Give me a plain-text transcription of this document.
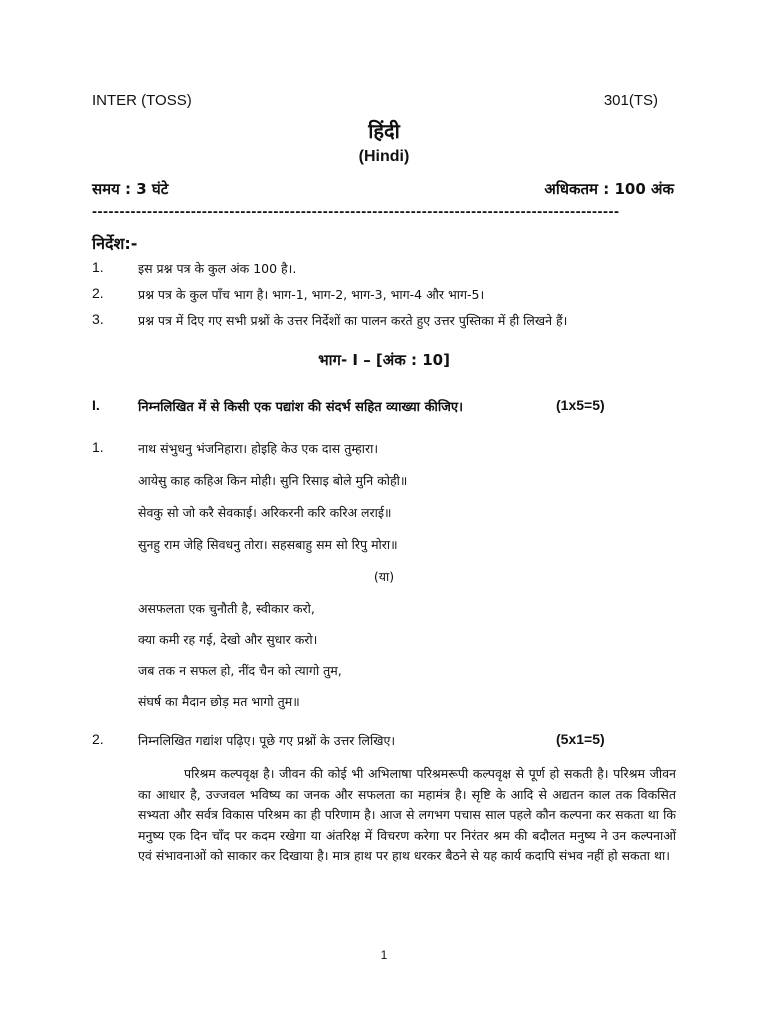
INTER (TOSS)	301(TS)
हिंदी
(Hindi)
समय : 3 घंटे	अधिकतम : 100 अंक
------------------------------------------------------------------------------------------------
निर्देश:-
1.	इस प्रश्न पत्र के कुल अंक 100 है।.
2.	प्रश्न पत्र के कुल पाँच भाग है। भाग-1, भाग-2, भाग-3, भाग-4 और भाग-5।
3.	प्रश्न पत्र में दिए गए सभी प्रश्नों के उत्तर निर्देशों का पालन करते हुए उत्तर पुस्तिका में ही लिखने हैं।
भाग- I – [अंक : 10]
I.	निम्नलिखित में से किसी एक पद्यांश की संदर्भ सहित व्याख्या कीजिए।	(1x5=5)
1.	नाथ संभुधनु भंजनिहारा। होइहि केउ एक दास तुम्हारा।
आयेसु काह कहिअ किन मोही। सुनि रिसाइ बोले मुनि कोही॥
सेवकु सो जो करै सेवकाई। अरिकरनी करि करिअ लराई॥
सुनहु राम जेहि सिवधनु तोरा। सहसबाहु सम सो रिपु मोरा॥
(या)
असफलता एक चुनौती है, स्वीकार करो,
क्या कमी रह गई, देखो और सुधार करो।
जब तक न सफल हो, नींद चैन को त्यागो तुम,
संघर्ष का मैदान छोड़ मत भागो तुम॥
2.	निम्नलिखित गद्यांश पढ़िए। पूछे गए प्रश्नों के उत्तर लिखिए।	(5x1=5)
परिश्रम कल्पवृक्ष है। जीवन की कोई भी अभिलाषा परिश्रमरूपी कल्पवृक्ष से पूर्ण हो सकती है। परिश्रम जीवन का आधार है, उज्जवल भविष्य का जनक और सफलता का महामंत्र है। सृष्टि के आदि से अद्यतन काल तक विकसित सभ्यता और सर्वत्र विकास परिश्रम का ही परिणाम है। आज से लगभग पचास साल पहले कौन कल्पना कर सकता था कि मनुष्य एक दिन चाँद पर कदम रखेगा या अंतरिक्ष में विचरण करेगा पर निरंतर श्रम की बदौलत मनुष्य ने उन कल्पनाओं एवं संभावनाओं को साकार कर दिखाया है। मात्र हाथ पर हाथ धरकर बैठने से यह कार्य कदापि संभव नहीं हो सकता था।
1
